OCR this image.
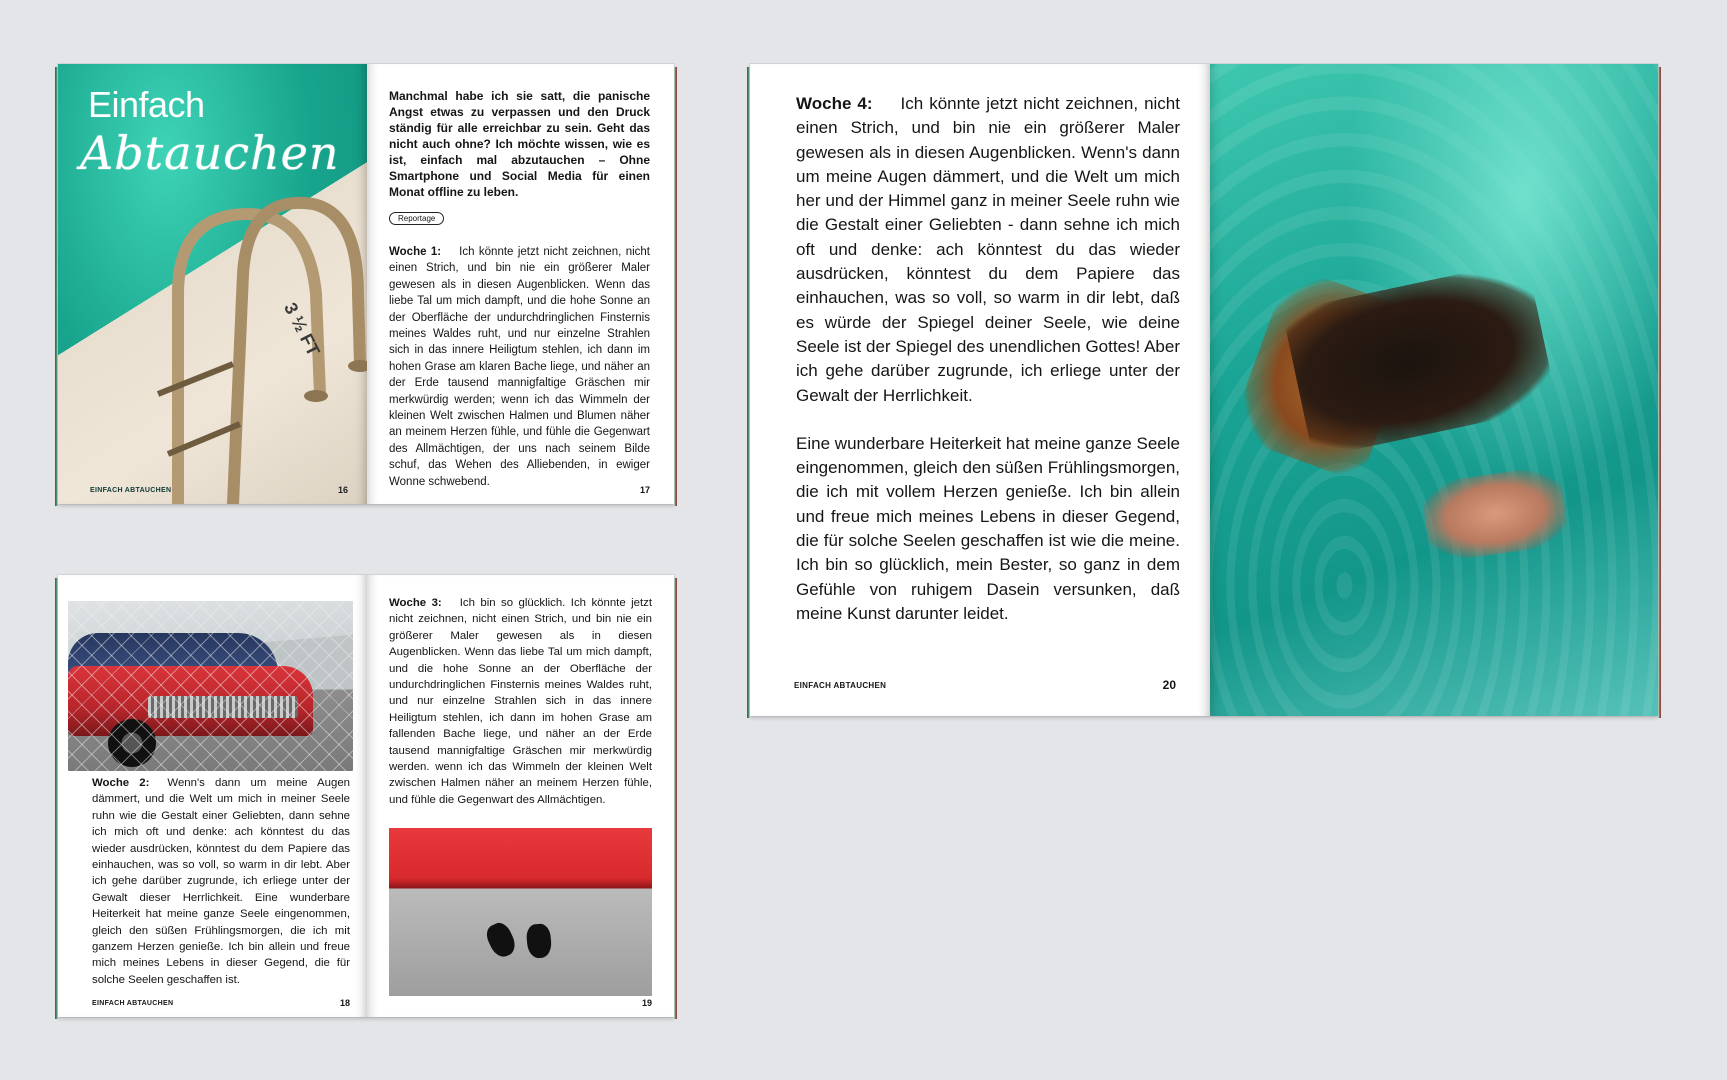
Einfach
Abtauchen
3 ½ FT
EINFACH ABTAUCHEN	16
Manchmal habe ich sie satt, die panische Angst etwas zu verpassen und den Druck ständig für alle erreichbar zu sein. Geht das nicht auch ohne? Ich möchte wissen, wie es ist, einfach mal abzutauchen – Ohne Smartphone und Social Media für einen Monat offline zu leben.
Reportage
Woche 1: Ich könnte jetzt nicht zeichnen, nicht einen Strich, und bin nie ein größerer Maler gewesen als in diesen Augenblicken. Wenn das liebe Tal um mich dampft, und die hohe Sonne an der Oberfläche der undurchdringlichen Finsternis meines Waldes ruht, und nur einzelne Strahlen sich in das innere Heiligtum stehlen, ich dann im hohen Grase am klaren Bache liege, und näher an der Erde tausend mannigfaltige Gräschen mir merkwürdig werden; wenn ich das Wimmeln der kleinen Welt zwischen Halmen und Blumen näher an meinem Herzen fühle, und fühle die Gegenwart des Allmächtigen, der uns nach seinem Bilde schuf, das Wehen des Alliebenden, in ewiger Wonne schwebend.
17
Woche 2: Wenn's dann um meine Augen dämmert, und die Welt um mich in meiner Seele ruhn wie die Gestalt einer Geliebten, dann sehne ich mich oft und denke: ach könntest du das wieder ausdrücken, könntest du dem Papiere das einhauchen, was so voll, so warm in dir lebt. Aber ich gehe darüber zugrunde, ich erliege unter der Gewalt dieser Herrlichkeit. Eine wunderbare Heiterkeit hat meine ganze Seele eingenommen, gleich den süßen Frühlingsmorgen, die ich mit ganzem Herzen genieße. Ich bin allein und freue mich meines Lebens in dieser Gegend, die für solche Seelen geschaffen ist.
EINFACH ABTAUCHEN	18
Woche 3: Ich bin so glücklich. Ich könnte jetzt nicht zeichnen, nicht einen Strich, und bin nie ein größerer Maler gewesen als in diesen Augenblicken. Wenn das liebe Tal um mich dampft, und die hohe Sonne an der Oberfläche der undurchdringlichen Finsternis meines Waldes ruht, und nur einzelne Strahlen sich in das innere Heiligtum stehlen, ich dann im hohen Grase am fallenden Bache liege, und näher an der Erde tausend mannigfaltige Gräschen mir merkwürdig werden. wenn ich das Wimmeln der kleinen Welt zwischen Halmen näher an meinem Herzen fühle, und fühle die Gegenwart des Allmächtigen.
19
Woche 4: Ich könnte jetzt nicht zeichnen, nicht einen Strich, und bin nie ein größerer Maler gewesen als in diesen Augenblicken. Wenn's dann um meine Augen dämmert, und die Welt um mich her und der Himmel ganz in meiner Seele ruhn wie die Gestalt einer Geliebten - dann sehne ich mich oft und denke: ach könntest du das wieder ausdrücken, könntest du dem Papiere das einhauchen, was so voll, so warm in dir lebt, daß es würde der Spiegel deiner Seele, wie deine Seele ist der Spiegel des unendlichen Gottes! Aber ich gehe darüber zugrunde, ich erliege unter der Gewalt der Herrlichkeit.
Eine wunderbare Heiterkeit hat meine ganze Seele eingenommen, gleich den süßen Frühlingsmorgen, die ich mit vollem Herzen genieße. Ich bin allein und freue mich meines Lebens in dieser Gegend, die für solche Seelen geschaffen ist wie die meine. Ich bin so glücklich, mein Bester, so ganz in dem Gefühle von ruhigem Dasein versunken, daß meine Kunst darunter leidet.
EINFACH ABTAUCHEN	20
